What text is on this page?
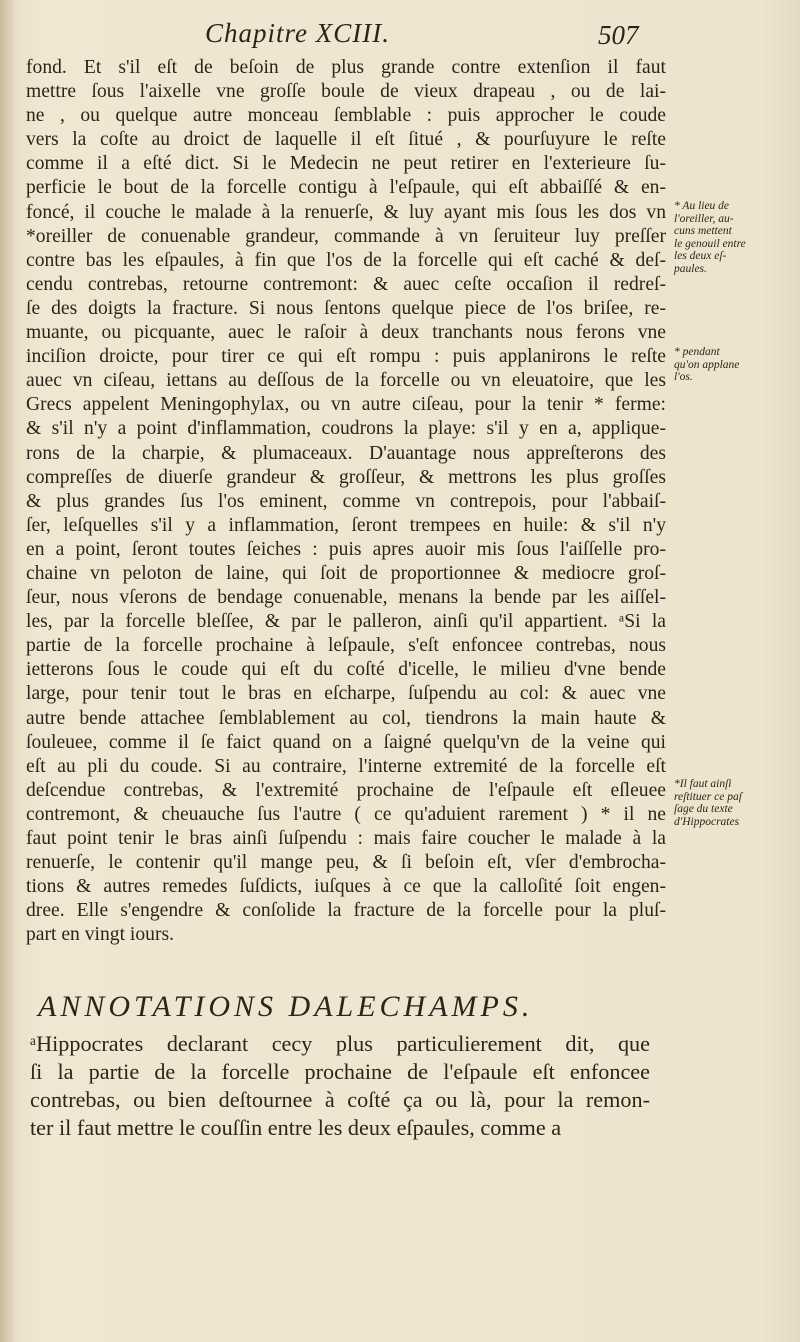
Chapitre XCIII.	507
fond. Et s'il eſt de beſoin de plus grande contre extenſion il faut
mettre ſous l'aixelle vne groſſe boule de vieux drapeau , ou de lai-
ne , ou quelque autre monceau ſemblable : puis approcher le coude
vers la coſte au droict de laquelle il eſt ſitué , & pourſuyure le reſte
comme il a eſté dict. Si le Medecin ne peut retirer en l'exterieure ſu-
perficie le bout de la forcelle contigu à l'eſpaule, qui eſt abbaiſſé & en-
foncé, il couche le malade à la renuerſe, & luy ayant mis ſous les dos vn
*oreiller de conuenable grandeur, commande à vn ſeruiteur luy preſſer
contre bas les eſpaules, à fin que l'os de la forcelle qui eſt caché & deſ-
cendu contrebas, retourne contremont: & auec ceſte occaſion il redreſ-
ſe des doigts la fracture. Si nous ſentons quelque piece de l'os briſee, re-
muante, ou picquante, auec le raſoir à deux tranchants nous ferons vne
inciſion droicte, pour tirer ce qui eſt rompu : puis applanirons le reſte
auec vn ciſeau, iettans au deſſous de la forcelle ou vn eleuatoire, que les
Grecs appelent Meningophylax, ou vn autre ciſeau, pour la tenir * ferme:
& s'il n'y a point d'inflammation, coudrons la playe: s'il y en a, applique-
rons de la charpie, & plumaceaux. D'auantage nous appreſterons des
compreſſes de diuerſe grandeur & groſſeur, & mettrons les plus groſſes
& plus grandes ſus l'os eminent, comme vn contrepois, pour l'abbaiſ-
ſer, leſquelles s'il y a inflammation, ſeront trempees en huile: & s'il n'y
en a point, ſeront toutes ſeiches : puis apres auoir mis ſous l'aiſſelle pro-
chaine vn peloton de laine, qui ſoit de proportionnee & mediocre groſ-
ſeur, nous vſerons de bendage conuenable, menans la bende par les aiſſel-
les, par la forcelle bleſſee, & par le palleron, ainſi qu'il appartient. ᵃSi la
partie de la forcelle prochaine à leſpaule, s'eſt enfoncee contrebas, nous
ietterons ſous le coude qui eſt du coſté d'icelle, le milieu d'vne bende
large, pour tenir tout le bras en eſcharpe, ſuſpendu au col: & auec vne
autre bende attachee ſemblablement au col, tiendrons la main haute &
ſouleuee, comme il ſe faict quand on a ſaigné quelqu'vn de la veine qui
eſt au pli du coude. Si au contraire, l'interne extremité de la forcelle eſt
deſcendue contrebas, & l'extremité prochaine de l'eſpaule eſt eſleuee
contremont, & cheuauche ſus l'autre ( ce qu'aduient rarement ) * il ne
faut point tenir le bras ainſi ſuſpendu : mais faire coucher le malade à la
renuerſe, le contenir qu'il mange peu, & ſi beſoin eſt, vſer d'embrocha-
tions & autres remedes ſuſdicts, iuſques à ce que la calloſité ſoit engen-
dree. Elle s'engendre & conſolide la fracture de la forcelle pour la pluſ-
part en vingt iours.
* Au lieu de
l'oreiller, au-
cuns mettent
le genouil entre
les deux eſ-
paules.
* pendant
qu'on applane
l'os.
*Il faut ainſi
reſtituer ce paſ
ſage du texte
d'Hippocrates
ANNOTATIONS DALECHAMPS.
ᵃHippocrates declarant cecy plus particulierement dit, que
ſi la partie de la forcelle prochaine de l'eſpaule eſt enfoncee
contrebas, ou bien deſtournee à coſté ça ou là, pour la remon-
ter il faut mettre le couſſin entre les deux eſpaules, comme a
